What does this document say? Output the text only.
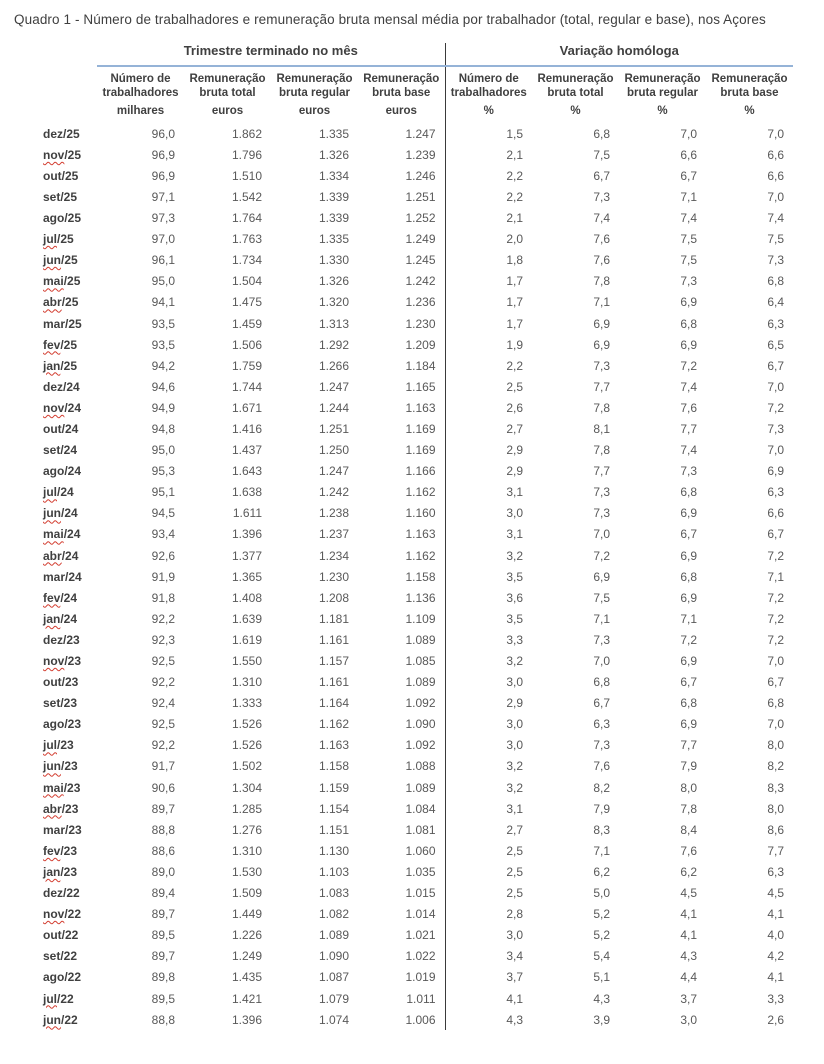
Quadro 1 - Número de trabalhadores e remuneração bruta mensal média por trabalhador (total, regular e base), nos Açores
	Trimestre terminado no mês				Variação homóloga			
	Número de trabalhadores	Remuneração bruta total	Remuneração bruta regular	Remuneração bruta base	Número de trabalhadores	Remuneração bruta total	Remuneração bruta regular	Remuneração bruta base
	milhares	euros	euros	euros	%	%	%	%
dez/25	96,0	1.862	1.335	1.247	1,5	6,8	7,0	7,0
nov/25	96,9	1.796	1.326	1.239	2,1	7,5	6,6	6,6
out/25	96,9	1.510	1.334	1.246	2,2	6,7	6,7	6,6
set/25	97,1	1.542	1.339	1.251	2,2	7,3	7,1	7,0
ago/25	97,3	1.764	1.339	1.252	2,1	7,4	7,4	7,4
jul/25	97,0	1.763	1.335	1.249	2,0	7,6	7,5	7,5
jun/25	96,1	1.734	1.330	1.245	1,8	7,6	7,5	7,3
mai/25	95,0	1.504	1.326	1.242	1,7	7,8	7,3	6,8
abr/25	94,1	1.475	1.320	1.236	1,7	7,1	6,9	6,4
mar/25	93,5	1.459	1.313	1.230	1,7	6,9	6,8	6,3
fev/25	93,5	1.506	1.292	1.209	1,9	6,9	6,9	6,5
jan/25	94,2	1.759	1.266	1.184	2,2	7,3	7,2	6,7
dez/24	94,6	1.744	1.247	1.165	2,5	7,7	7,4	7,0
nov/24	94,9	1.671	1.244	1.163	2,6	7,8	7,6	7,2
out/24	94,8	1.416	1.251	1.169	2,7	8,1	7,7	7,3
set/24	95,0	1.437	1.250	1.169	2,9	7,8	7,4	7,0
ago/24	95,3	1.643	1.247	1.166	2,9	7,7	7,3	6,9
jul/24	95,1	1.638	1.242	1.162	3,1	7,3	6,8	6,3
jun/24	94,5	1.611	1.238	1.160	3,0	7,3	6,9	6,6
mai/24	93,4	1.396	1.237	1.163	3,1	7,0	6,7	6,7
abr/24	92,6	1.377	1.234	1.162	3,2	7,2	6,9	7,2
mar/24	91,9	1.365	1.230	1.158	3,5	6,9	6,8	7,1
fev/24	91,8	1.408	1.208	1.136	3,6	7,5	6,9	7,2
jan/24	92,2	1.639	1.181	1.109	3,5	7,1	7,1	7,2
dez/23	92,3	1.619	1.161	1.089	3,3	7,3	7,2	7,2
nov/23	92,5	1.550	1.157	1.085	3,2	7,0	6,9	7,0
out/23	92,2	1.310	1.161	1.089	3,0	6,8	6,7	6,7
set/23	92,4	1.333	1.164	1.092	2,9	6,7	6,8	6,8
ago/23	92,5	1.526	1.162	1.090	3,0	6,3	6,9	7,0
jul/23	92,2	1.526	1.163	1.092	3,0	7,3	7,7	8,0
jun/23	91,7	1.502	1.158	1.088	3,2	7,6	7,9	8,2
mai/23	90,6	1.304	1.159	1.089	3,2	8,2	8,0	8,3
abr/23	89,7	1.285	1.154	1.084	3,1	7,9	7,8	8,0
mar/23	88,8	1.276	1.151	1.081	2,7	8,3	8,4	8,6
fev/23	88,6	1.310	1.130	1.060	2,5	7,1	7,6	7,7
jan/23	89,0	1.530	1.103	1.035	2,5	6,2	6,2	6,3
dez/22	89,4	1.509	1.083	1.015	2,5	5,0	4,5	4,5
nov/22	89,7	1.449	1.082	1.014	2,8	5,2	4,1	4,1
out/22	89,5	1.226	1.089	1.021	3,0	5,2	4,1	4,0
set/22	89,7	1.249	1.090	1.022	3,4	5,4	4,3	4,2
ago/22	89,8	1.435	1.087	1.019	3,7	5,1	4,4	4,1
jul/22	89,5	1.421	1.079	1.011	4,1	4,3	3,7	3,3
jun/22	88,8	1.396	1.074	1.006	4,3	3,9	3,0	2,6
